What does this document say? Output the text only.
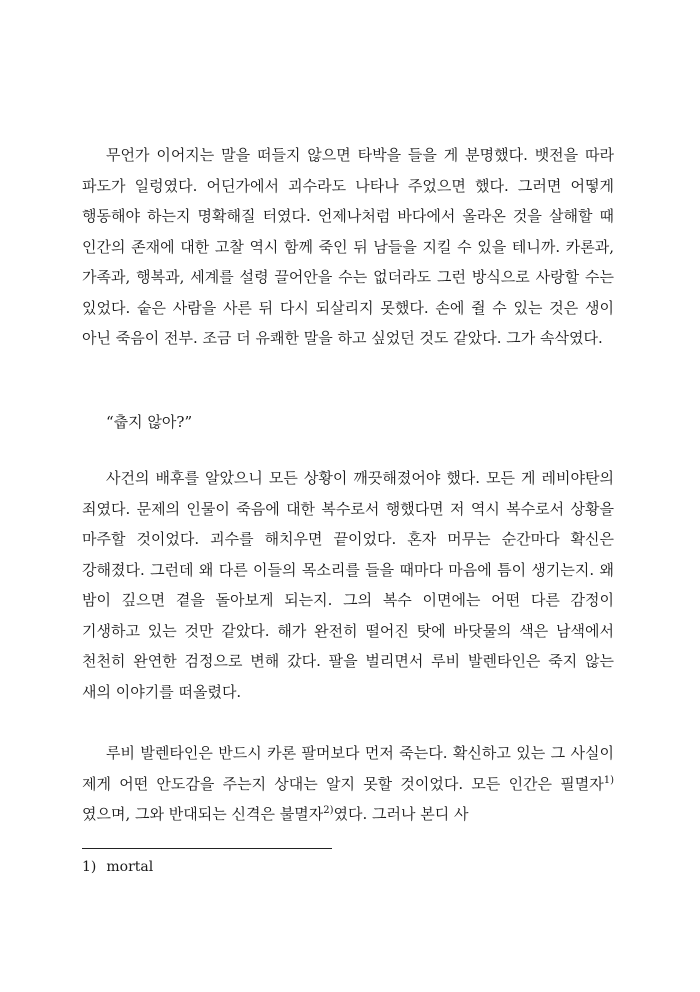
무언가 이어지는 말을 떠들지 않으면 타박을 들을 게 분명했다. 뱃전을 따라 파도가 일렁였다. 어딘가에서 괴수라도 나타나 주었으면 했다. 그러면 어떻게 행동해야 하는지 명확해질 터였다. 언제나처럼 바다에서 올라온 것을 살해할 때 인간의 존재에 대한 고찰 역시 함께 죽인 뒤 남들을 지킬 수 있을 테니까. 카론과, 가족과, 행복과, 세계를 설령 끌어안을 수는 없더라도 그런 방식으로 사랑할 수는 있었다. 숱은 사람을 사른 뒤 다시 되살리지 못했다. 손에 쥘 수 있는 것은 생이 아닌 죽음이 전부. 조금 더 유쾌한 말을 하고 싶었던 것도 같았다. 그가 속삭였다.

“춥지 않아?”

사건의 배후를 알았으니 모든 상황이 깨끗해졌어야 했다. 모든 게 레비야탄의 죄였다. 문제의 인물이 죽음에 대한 복수로서 행했다면 저 역시 복수로서 상황을 마주할 것이었다. 괴수를 해치우면 끝이었다. 혼자 머무는 순간마다 확신은 강해졌다. 그런데 왜 다른 이들의 목소리를 들을 때마다 마음에 틈이 생기는지. 왜 밤이 깊으면 곁을 돌아보게 되는지. 그의 복수 이면에는 어떤 다른 감정이 기생하고 있는 것만 같았다. 해가 완전히 떨어진 탓에 바닷물의 색은 남색에서 천천히 완연한 검정으로 변해 갔다. 팔을 벌리면서 루비 발렌타인은 죽지 않는 새의 이야기를 떠올렸다.

루비 발렌타인은 반드시 카론 팔머보다 먼저 죽는다. 확신하고 있는 그 사실이 제게 어떤 안도감을 주는지 상대는 알지 못할 것이었다. 모든 인간은 필멸자$^{1)}$였으며, 그와 반대되는 신격은 불멸자$^{2)}$였다. 그러나 본디 사

1) mortal
